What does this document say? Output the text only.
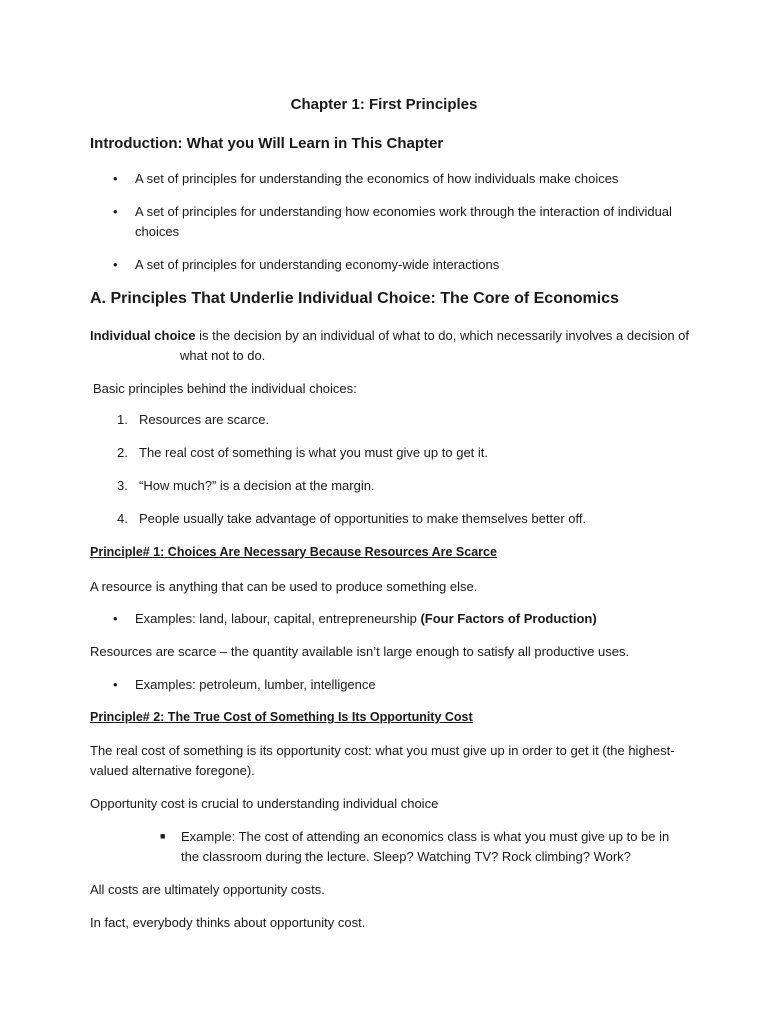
Chapter 1: First Principles
Introduction: What you Will Learn in This Chapter
• A set of principles for understanding the economics of how individuals make choices
• A set of principles for understanding how economies work through the interaction of individual choices
• A set of principles for understanding economy-wide interactions
A. Principles That Underlie Individual Choice: The Core of Economics
Individual choice is the decision by an individual of what to do, which necessarily involves a decision of
what not to do.
Basic principles behind the individual choices:
1. Resources are scarce.
2. The real cost of something is what you must give up to get it.
3. “How much?” is a decision at the margin.
4. People usually take advantage of opportunities to make themselves better off.
Principle# 1: Choices Are Necessary Because Resources Are Scarce
A resource is anything that can be used to produce something else.
• Examples: land, labour, capital, entrepreneurship (Four Factors of Production)
Resources are scarce – the quantity available isn’t large enough to satisfy all productive uses.
• Examples: petroleum, lumber, intelligence
Principle# 2: The True Cost of Something Is Its Opportunity Cost
The real cost of something is its opportunity cost: what you must give up in order to get it (the highest-valued alternative foregone).
Opportunity cost is crucial to understanding individual choice
■ Example: The cost of attending an economics class is what you must give up to be in the classroom during the lecture. Sleep? Watching TV? Rock climbing? Work?
All costs are ultimately opportunity costs.
In fact, everybody thinks about opportunity cost.
